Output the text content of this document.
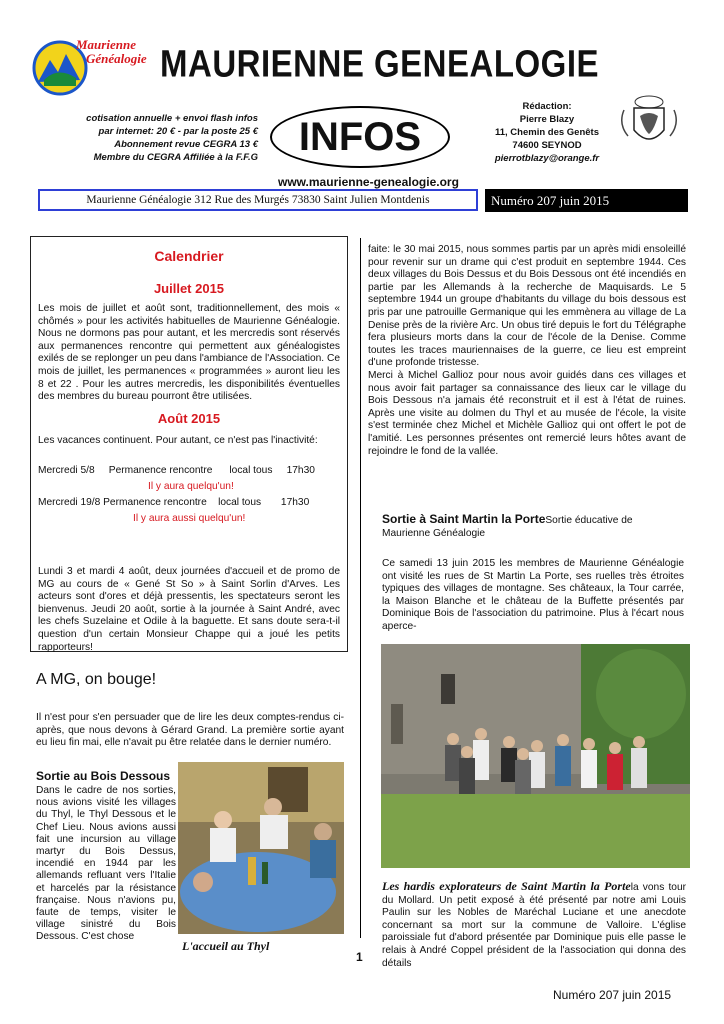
Maurienne
Généalogie MAURIENNE GENEALOGIE
cotisation annuelle + envoi flash infos
par internet: 20 € - par la poste 25 €
Abonnement revue CEGRA 13 €
Membre du CEGRA Affiliée à la F.F.G	INFOS
Rédaction:
Pierre Blazy
11, Chemin des Genêts
74600 SEYNOD
pierrotblazy@orange.fr
www.maurienne-genealogie.org
Maurienne Généalogie 312 Rue des Murgés 73830 Saint Julien Montdenis	Numéro 207 juin 2015
Calendrier
Juillet 2015

Les mois de juillet et août sont, traditionnellement, des mois « chômés » pour les activités habituelles de Maurienne Généalogie. Nous ne dormons pas pour autant, et les mercredis sont réservés aux permanences rencontre qui permettent aux généalogistes exilés de se replonger un peu dans l'ambiance de l'Association. Ce mois de juillet, les permanences « programmées » auront lieu les 8 et 22 . Pour les autres mercredis, les disponibilités éventuelles des membres du bureau pourront être utilisées.

Août 2015
Les vacances continuent. Pour autant, ce n'est pas l'inactivité:
Mercredi 5/8     Permanence rencontre      local tous     17h30
Il y aura quelqu'un!
Mercredi 19/8 Permanence rencontre    local tous       17h30
Il y aura aussi quelqu'un!

Lundi 3 et mardi 4 août, deux journées d'accueil et de promo de MG au cours de « Gené St So » à Saint Sorlin d'Arves. Les acteurs sont d'ores et déjà pressentis, les spectateurs seront les bienvenus. Jeudi 20 août, sortie à la journée à Saint André, avec les chefs Suzelaine et Odile à la baguette. Et sans doute sera-t-il question d'un certain Monsieur Chappe qui a joué les petits rapporteurs!

A MG, on bouge!

Il n'est pour s'en persuader que de lire les deux comptes-rendus ci-après, que nous devons à Gérard Grand. La première sortie ayant eu lieu fin mai, elle n'avait pu être relatée dans le dernier numéro.

Sortie au Bois Dessous

Dans le cadre de nos sorties, nous avions visité les villages du Thyl, le Thyl Dessous et le Chef Lieu. Nous avions aussi fait une incursion au village martyr du Bois Dessus, incendié en 1944 par les allemands refluant vers l'Italie et harcelés par la résistance française. Nous n'avions pu, faute de temps, visiter le village sinistré du Bois Dessous. C'est chose

L'accueil au Thyl
1

faite: le 30 mai 2015, nous sommes partis par un après midi ensoleillé pour revenir sur un drame qui c'est produit en septembre 1944. Ces deux villages du Bois Dessus et du Bois Dessous ont été incendiés en partie par les Allemands à la recherche de Maquisards. Le 5 septembre 1944 un groupe d'habitants du village du bois dessous est pris par une patrouille Germanique qui les emmènera au village de La Denise près de la rivière Arc. Un obus tiré depuis le fort du Télégraphe fera plusieurs morts dans la cour de l'école de la Denise. Comme toutes les traces mauriennaises de la guerre, ce lieu est empreint d'une profonde tristesse.

Merci à Michel Gallioz pour nous avoir guidés dans ces villages et nous avoir fait partager sa connaissance des lieux car le village du Bois Dessous n'a jamais été reconstruit et il est à l'état de ruines. Après une visite au dolmen du Thyl et au musée de l'école, la visite s'est terminée chez Michel et Michèle Gallioz qui ont offert le pot de l'amitié. Les personnes présentes ont remercié leurs hôtes avant de rejoindre le fond de la vallée.

Sortie à Saint Martin la PorteSortie éducative de Maurienne Généalogie

Ce samedi 13 juin 2015 les membres de Maurienne Généalogie ont visité les rues de St Martin La Porte, ses ruelles très étroites typiques des villages de montagne. Ses châteaux, la Tour carrée, la Maison Blanche et le château de la Buffette présentés par Dominique Bois de l'association du patrimoine. Plus à l'écart nous aperce-

Les hardis explorateurs de Saint Martin la Portela vons tour du Mollard. Un petit exposé à été présenté par notre ami Louis Paulin sur les Nobles de Maréchal Luciane et une anecdote concernant sa mort sur la commune de Valloire. L'église paroissiale fut d'abord présentée par Dominique puis elle passe le relais à André Coppel président de la l'association qui donna des détails
Numéro 207 juin 2015
